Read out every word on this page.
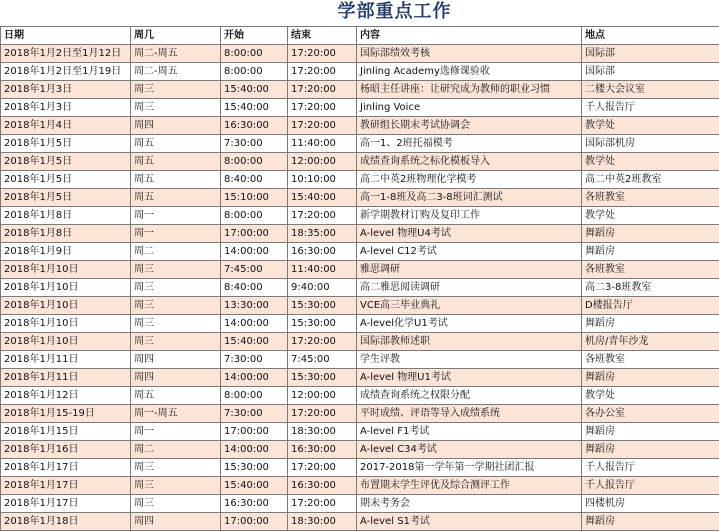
学部重点工作
日期	周几	开始	结束	内容	地点
2018年1月2日至1月12日	周二-周五	8:00:00	17:20:00	国际部绩效考核	国际部
2018年1月2日至1月19日	周二-周五	8:00:00	17:20:00	Jinling Academy选修课验收	国际部
2018年1月3日	周三	15:40:00	17:20:00	杨昭主任讲座：让研究成为教师的职业习惯	二楼大会议室
2018年1月3日	周三	15:40:00	17:20:00	Jinling Voice	千人报告厅
2018年1月4日	周四	16:30:00	17:20:00	教研组长期末考试协调会	教学处
2018年1月5日	周五	7:30:00	11:40:00	高一1、2班托福模考	国际部机房
2018年1月5日	周五	8:00:00	12:00:00	成绩查询系统之标化模板导入	教学处
2018年1月5日	周五	8:40:00	10:10:00	高二中英2班物理化学模考	高二中英2班教室
2018年1月5日	周五	15:10:00	15:40:00	高一1-8班及高二3-8班词汇测试	各班教室
2018年1月8日	周一	8:00:00	17:20:00	新学期教材订购及复印工作	教学处
2018年1月8日	周一	17:00:00	18:35:00	A-level 物理U4考试	舞蹈房
2018年1月9日	周二	14:00:00	16:30:00	A-level C12考试	舞蹈房
2018年1月10日	周三	7:45:00	11:40:00	雅思调研	各班教室
2018年1月10日	周三	8:40:00	9:40:00	高二雅思阅读调研	高二3-8班教室
2018年1月10日	周三	13:30:00	15:30:00	VCE高三毕业典礼	D楼报告厅
2018年1月10日	周三	14:00:00	15:30:00	A-level化学U1考试	舞蹈房
2018年1月10日	周三	15:40:00	17:20:00	国际部教师述职	机房/青年沙龙
2018年1月11日	周四	7:30:00	7:45:00	学生评教	各班教室
2018年1月11日	周四	14:00:00	15:30:00	A-level 物理U1考试	舞蹈房
2018年1月12日	周五	8:00:00	12:00:00	成绩查询系统之权限分配	教学处
2018年1月15-19日	周一-周五	7:30:00	17:20:00	平时成绩、评语等导入成绩系统	各办公室
2018年1月15日	周一	17:00:00	18:30:00	A-level F1考试	舞蹈房
2018年1月16日	周二	14:00:00	16:30:00	A-level C34考试	舞蹈房
2018年1月17日	周三	15:30:00	17:20:00	2017-2018第一学年第一学期社团汇报	千人报告厅
2018年1月17日	周三	15:40:00	16:30:00	布置期末学生评优及综合测评工作	千人报告厅
2018年1月17日	周三	16:30:00	17:20:00	期末考务会	四楼机房
2018年1月18日	周四	17:00:00	18:30:00	A-level S1考试	舞蹈房
